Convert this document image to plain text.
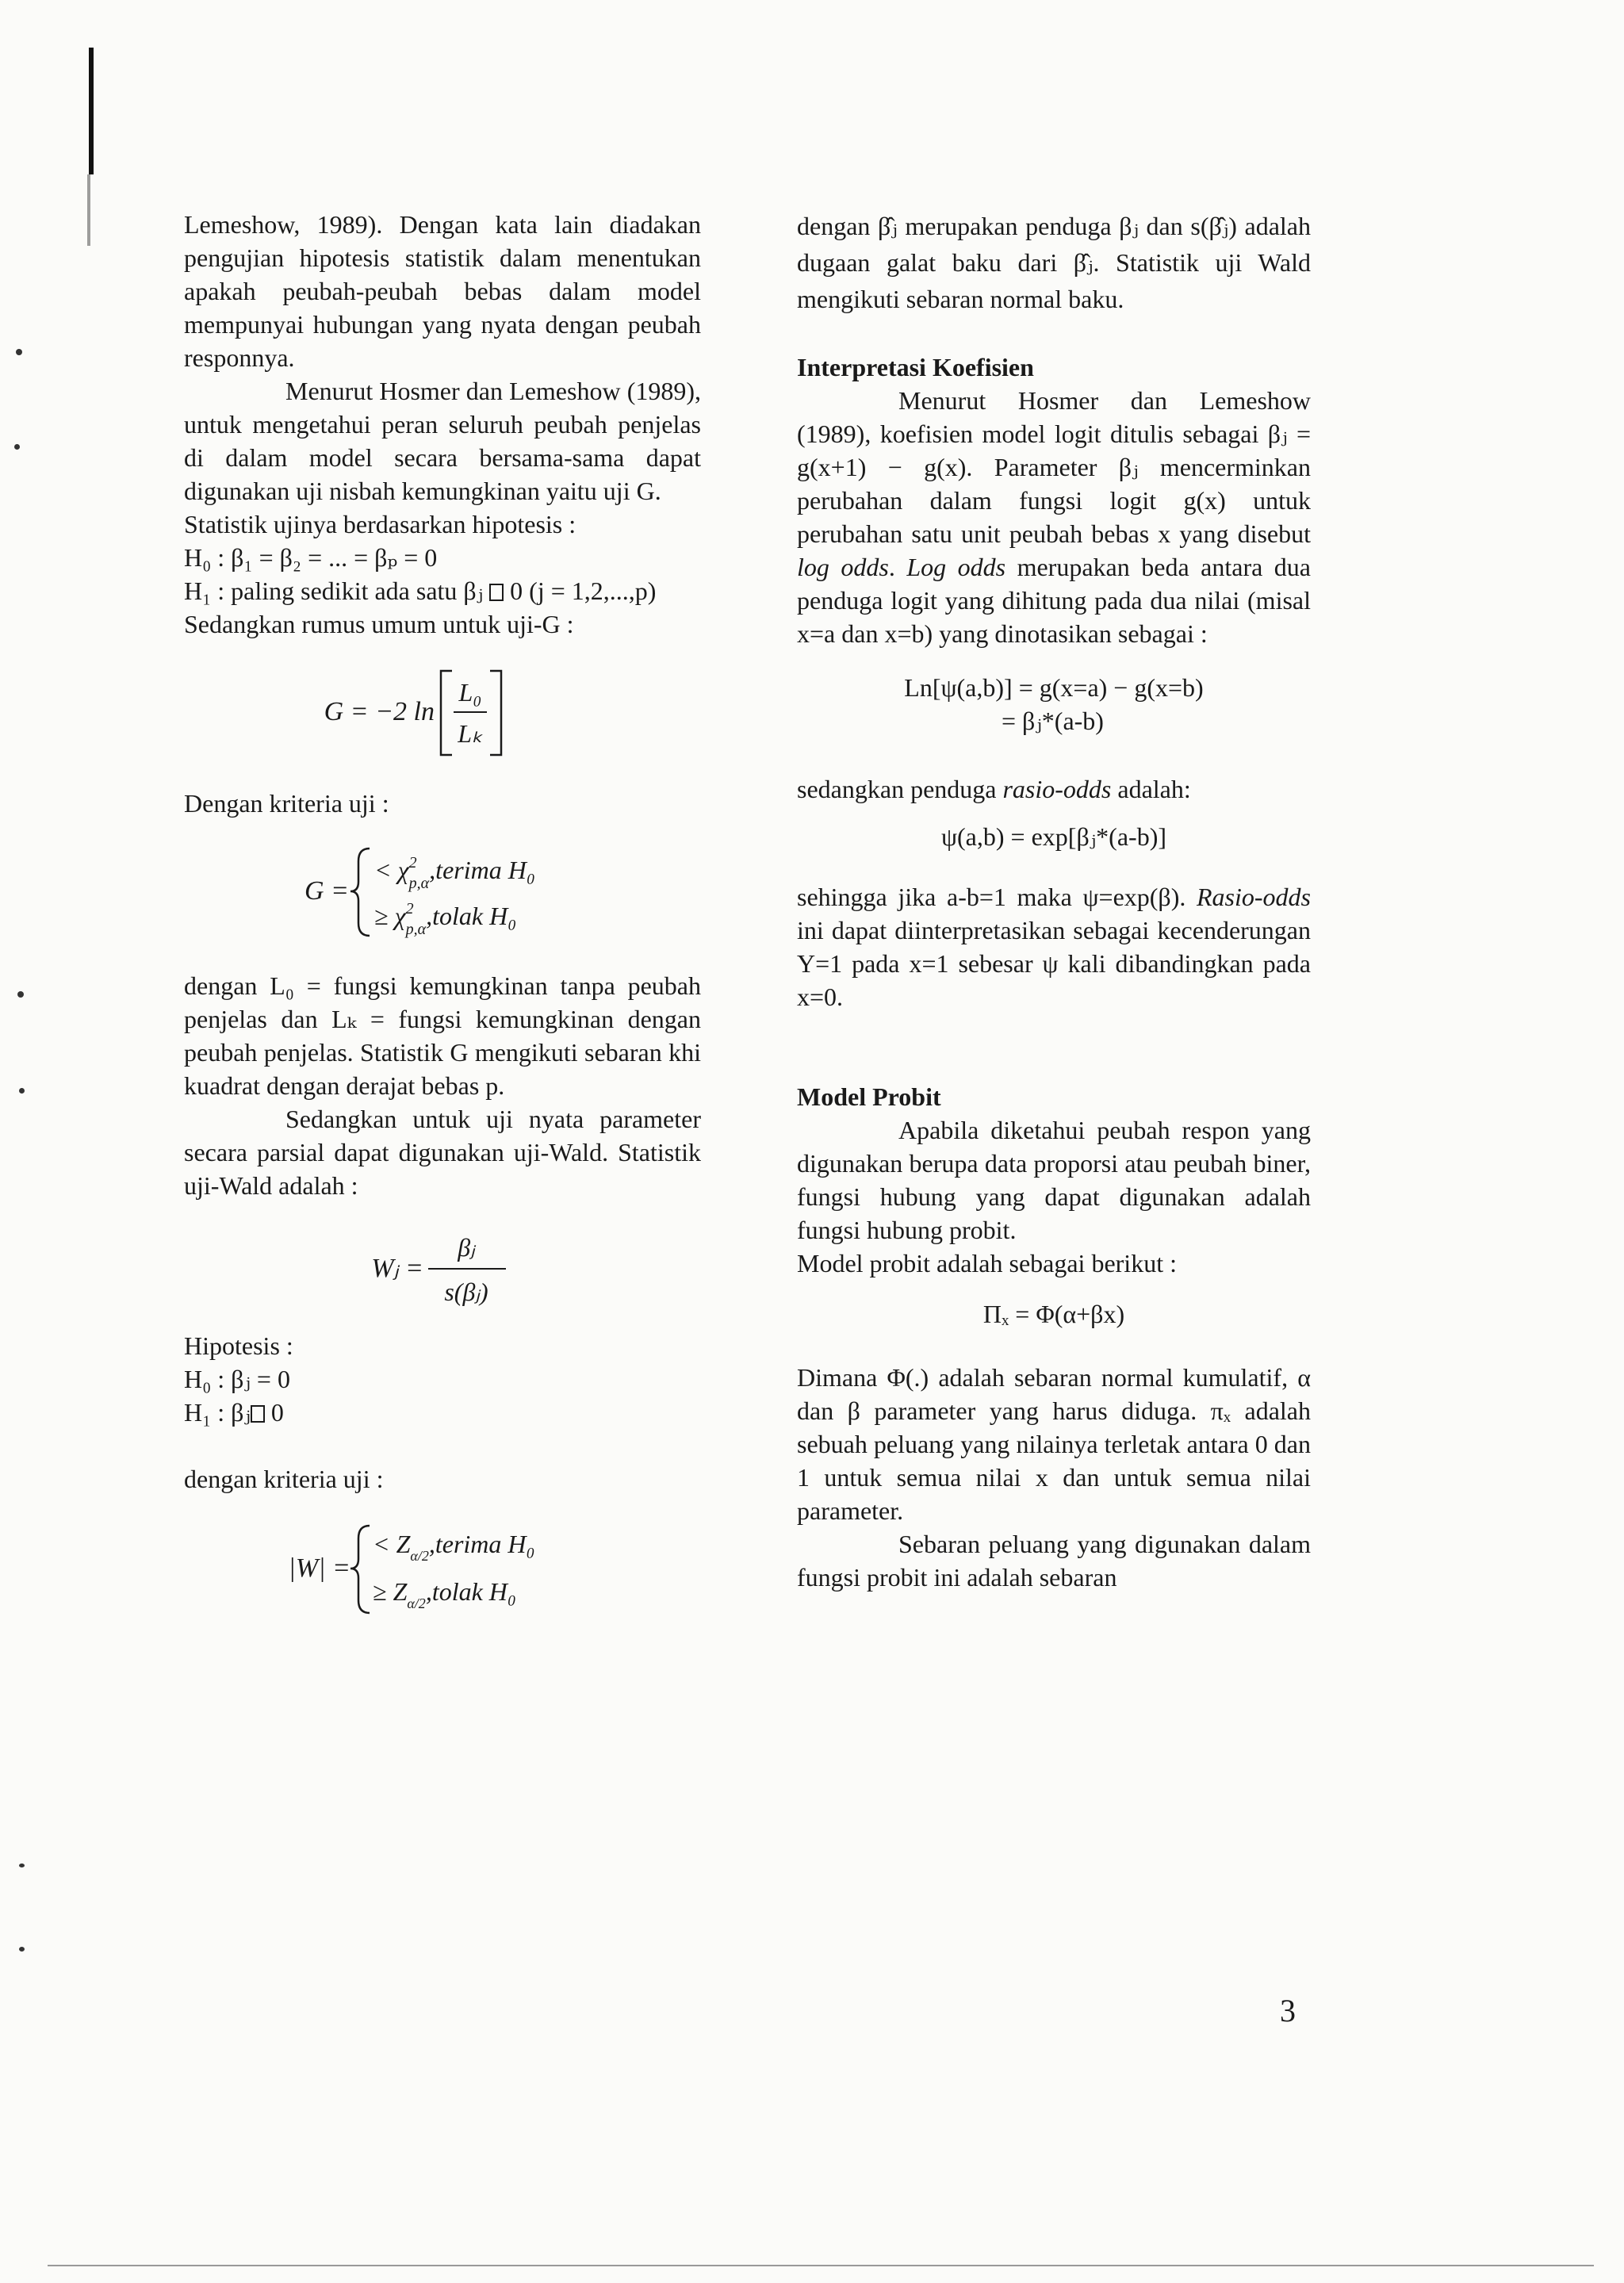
Lemeshow, 1989). Dengan kata lain diadakan pengujian hipotesis statistik dalam menentukan apakah peubah-peubah bebas dalam model mempunyai hubungan yang nyata dengan peubah responnya.

Menurut Hosmer dan Lemeshow (1989), untuk mengetahui peran seluruh peubah penjelas di dalam model secara bersama-sama dapat digunakan uji nisbah kemungkinan yaitu uji G.

Statistik ujinya berdasarkan hipotesis :

H₀ : β₁ = β₂ = ... = βₚ = 0

H₁ : paling sedikit ada satu βⱼ 0 (j = 1,2,...,p)

Sedangkan rumus umum untuk uji-G :

G = −2 ln
L₀
Lₖ

Dengan kriteria uji :

G =
< $\chi^2$ p,α,terima H₀
≥ $\chi^2$ p,α,tolak H₀

dengan L₀ = fungsi kemungkinan tanpa peubah penjelas dan Lₖ = fungsi kemungkinan dengan peubah penjelas. Statistik G mengikuti sebaran khi kuadrat dengan derajat bebas p.

Sedangkan untuk uji nyata parameter secara parsial dapat digunakan uji-Wald. Statistik uji-Wald adalah :

Wⱼ =
βⱼ
s(βⱼ)

Hipotesis :

H₀ : βⱼ = 0

H₁ : βⱼ 0

dengan kriteria uji :

|W| =
< $Z_{\alpha/2},terima$ H₀
≥ $Z_{\alpha/2},tolak$ H₀

dengan β̂ⱼ merupakan penduga βⱼ dan s(β̂ⱼ) adalah dugaan galat baku dari β̂ⱼ. Statistik uji Wald mengikuti sebaran normal baku.

Interpretasi Koefisien

Menurut Hosmer dan Lemeshow (1989), koefisien model logit ditulis sebagai βⱼ = g(x+1) − g(x). Parameter βⱼ mencerminkan perubahan dalam fungsi logit g(x) untuk perubahan satu unit peubah bebas x yang disebut log odds. Log odds merupakan beda antara dua penduga logit yang dihitung pada dua nilai (misal x=a dan x=b) yang dinotasikan sebagai :

Ln[ψ(a,b)] = g(x=a) − g(x=b)

= βⱼ*(a-b)

sedangkan penduga rasio-odds adalah:

ψ(a,b) = exp[βⱼ*(a-b)]

sehingga jika a-b=1 maka ψ=exp(β). Rasio-odds ini dapat diinterpretasikan sebagai kecenderungan Y=1 pada x=1 sebesar ψ kali dibandingkan pada x=0.

Model Probit

Apabila diketahui peubah respon yang digunakan berupa data proporsi atau peubah biner, fungsi hubung yang dapat digunakan adalah fungsi hubung probit.

Model probit adalah sebagai berikut :

Πₓ = Φ(α+βx)

Dimana Φ(.) adalah sebaran normal kumulatif, α dan β parameter yang harus diduga. πₓ adalah sebuah peluang yang nilainya terletak antara 0 dan 1 untuk semua nilai x dan untuk semua nilai parameter.

Sebaran peluang yang digunakan dalam fungsi probit ini adalah sebaran

3
